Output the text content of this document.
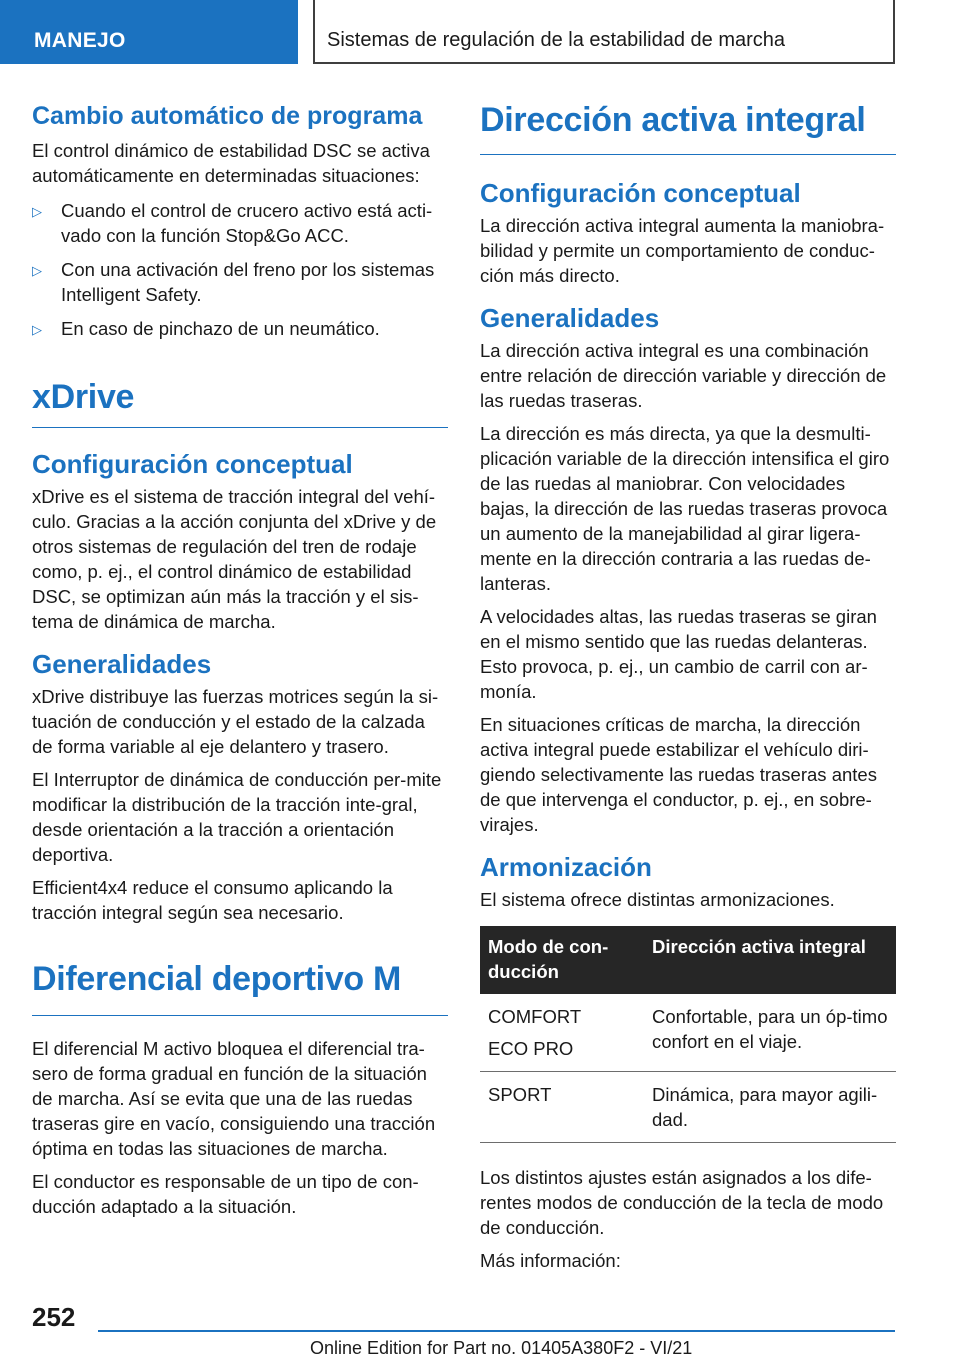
MANEJO	Sistemas de regulación de la estabilidad de marcha
Cambio automático de programa

El control dinámico de estabilidad DSC se activa automáticamente en determinadas situaciones:

▷ Cuando el control de crucero activo está acti‐vado con la función Stop&Go ACC.
▷ Con una activación del freno por los sistemas Intelligent Safety.
▷ En caso de pinchazo de un neumático.
xDrive
Configuración conceptual

xDrive es el sistema de tracción integral del vehí‐culo. Gracias a la acción conjunta del xDrive y de otros sistemas de regulación del tren de rodaje como, p. ej., el control dinámico de estabilidad DSC, se optimizan aún más la tracción y el sis‐tema de dinámica de marcha.

Generalidades

xDrive distribuye las fuerzas motrices según la si‐tuación de conducción y el estado de la calzada de forma variable al eje delantero y trasero.

El Interruptor de dinámica de conducción per‐mite modificar la distribución de la tracción inte‐gral, desde orientación a la tracción a orientación deportiva.

Efficient4x4 reduce el consumo aplicando la tracción integral según sea necesario.

Diferencial deportivo M

El diferencial M activo bloquea el diferencial tra‐sero de forma gradual en función de la situación de marcha. Así se evita que una de las ruedas traseras gire en vacío, consiguiendo una tracción óptima en todas las situaciones de marcha.

El conductor es responsable de un tipo de con‐ducción adaptado a la situación.

Dirección activa integral
Configuración conceptual

La dirección activa integral aumenta la maniobra‐bilidad y permite un comportamiento de conduc‐ción más directo.

Generalidades

La dirección activa integral es una combinación entre relación de dirección variable y dirección de las ruedas traseras.

La dirección es más directa, ya que la desmulti‐plicación variable de la dirección intensifica el giro de las ruedas al maniobrar. Con velocidades bajas, la dirección de las ruedas traseras provoca un aumento de la manejabilidad al girar ligera‐mente en la dirección contraria a las ruedas de‐lanteras.

A velocidades altas, las ruedas traseras se giran en el mismo sentido que las ruedas delanteras. Esto provoca, p. ej., un cambio de carril con ar‐monía.

En situaciones críticas de marcha, la dirección activa integral puede estabilizar el vehículo diri‐giendo selectivamente las ruedas traseras antes de que intervenga el conductor, p. ej., en sobre‐virajes.

Armonización

El sistema ofrece distintas armonizaciones.

Modo de con‐ducción	Dirección activa integral

COMFORT
ECO PRO	Confortable, para un óp‐timo confort en el viaje.
SPORT	Dinámica, para mayor agili‐dad.

Los distintos ajustes están asignados a los dife‐rentes modos de conducción de la tecla de modo de conducción.

Más información:

252
Online Edition for Part no. 01405A380F2 - VI/21
